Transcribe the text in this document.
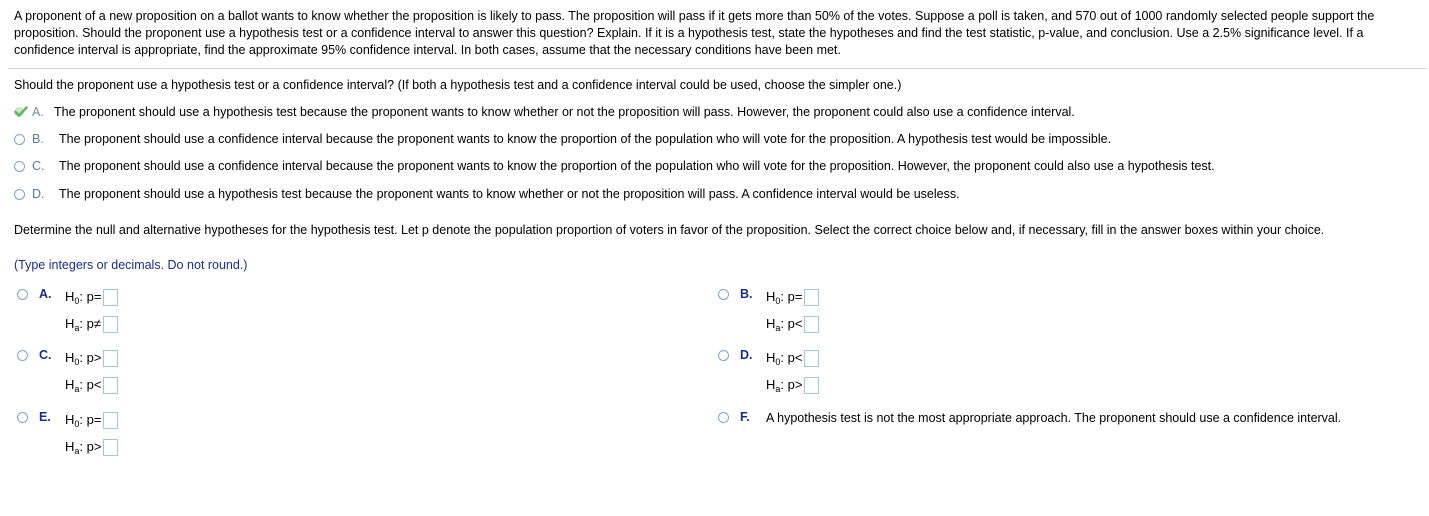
A proponent of a new proposition on a ballot wants to know whether the proposition is likely to pass. The proposition will pass if it gets more than 50% of the votes. Suppose a poll is taken, and 570 out of 1000 randomly selected people support the proposition. Should the proponent use a hypothesis test or a confidence interval to answer this question? Explain. If it is a hypothesis test, state the hypotheses and find the test statistic, p-value, and conclusion. Use a 2.5% significance level. If a confidence interval is appropriate, find the approximate 95% confidence interval. In both cases, assume that the necessary conditions have been met.
Should the proponent use a hypothesis test or a confidence interval? (If both a hypothesis test and a confidence interval could be used, choose the simpler one.)
A. The proponent should use a hypothesis test because the proponent wants to know whether or not the proposition will pass. However, the proponent could also use a confidence interval.
B. The proponent should use a confidence interval because the proponent wants to know the proportion of the population who will vote for the proposition. A hypothesis test would be impossible.
C. The proponent should use a confidence interval because the proponent wants to know the proportion of the population who will vote for the proposition. However, the proponent could also use a hypothesis test.
D. The proponent should use a hypothesis test because the proponent wants to know whether or not the proposition will pass. A confidence interval would be useless.
Determine the null and alternative hypotheses for the hypothesis test. Let p denote the population proportion of voters in favor of the proposition. Select the correct choice below and, if necessary, fill in the answer boxes within your choice.
(Type integers or decimals. Do not round.)
A. $H_0$: p=
$H_a$: p≠
B. $H_0$: p=
$H_a$: p<
C. $H_0$: p>
$H_a$: p<
D. $H_0$: p<
$H_a$: p>
E. $H_0$: p=
$H_a$: p>
F. A hypothesis test is not the most appropriate approach. The proponent should use a confidence interval.
